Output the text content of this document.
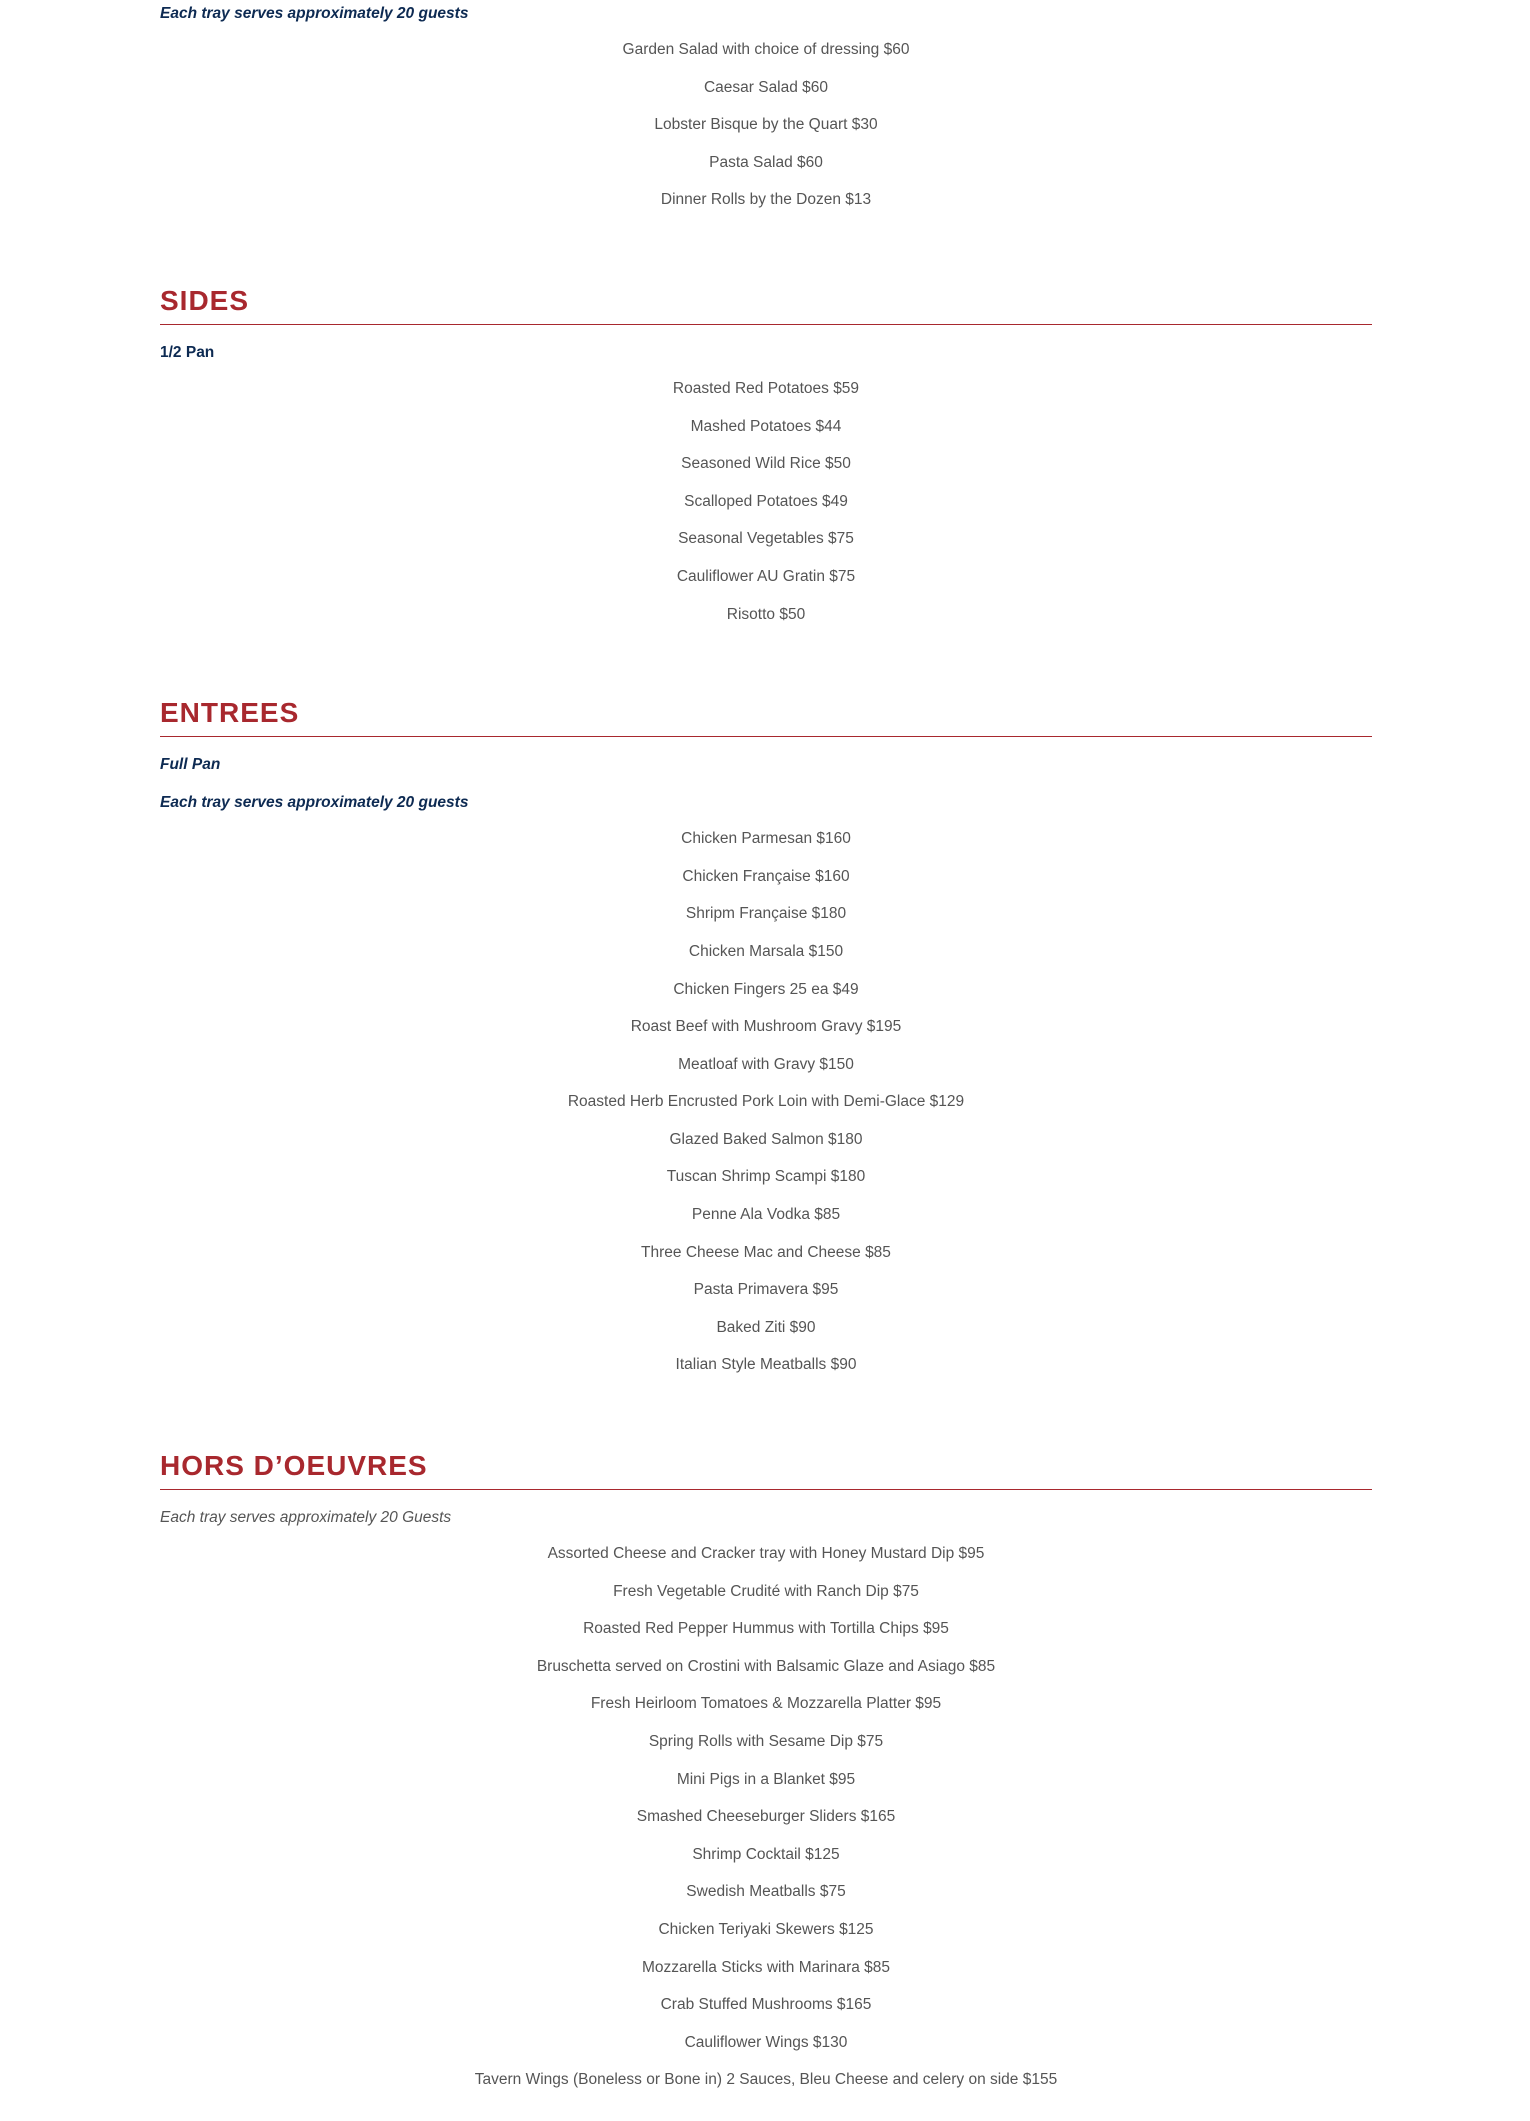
Each tray serves approximately 20 guests
Garden Salad with choice of dressing $60
Caesar Salad $60
Lobster Bisque by the Quart $30
Pasta Salad $60
Dinner Rolls by the Dozen $13
SIDES
1/2 Pan
Roasted Red Potatoes $59
Mashed Potatoes $44
Seasoned Wild Rice $50
Scalloped Potatoes $49
Seasonal Vegetables $75
Cauliflower AU Gratin $75
Risotto $50
ENTREES
Full Pan
Each tray serves approximately 20 guests
Chicken Parmesan $160
Chicken Française $160
Shripm Française $180
Chicken Marsala $150
Chicken Fingers 25 ea $49
Roast Beef with Mushroom Gravy $195
Meatloaf with Gravy $150
Roasted Herb Encrusted Pork Loin with Demi-Glace $129
Glazed Baked Salmon $180
Tuscan Shrimp Scampi $180
Penne Ala Vodka $85
Three Cheese Mac and Cheese $85
Pasta Primavera $95
Baked Ziti $90
Italian Style Meatballs $90
HORS D’OEUVRES
Each tray serves approximately 20 Guests
Assorted Cheese and Cracker tray with Honey Mustard Dip $95
Fresh Vegetable Crudité with Ranch Dip $75
Roasted Red Pepper Hummus with Tortilla Chips $95
Bruschetta served on Crostini with Balsamic Glaze and Asiago $85
Fresh Heirloom Tomatoes & Mozzarella Platter $95
Spring Rolls with Sesame Dip $75
Mini Pigs in a Blanket $95
Smashed Cheeseburger Sliders $165
Shrimp Cocktail $125
Swedish Meatballs $75
Chicken Teriyaki Skewers $125
Mozzarella Sticks with Marinara $85
Crab Stuffed Mushrooms $165
Cauliflower Wings $130
Tavern Wings (Boneless or Bone in) 2 Sauces, Bleu Cheese and celery on side $155
